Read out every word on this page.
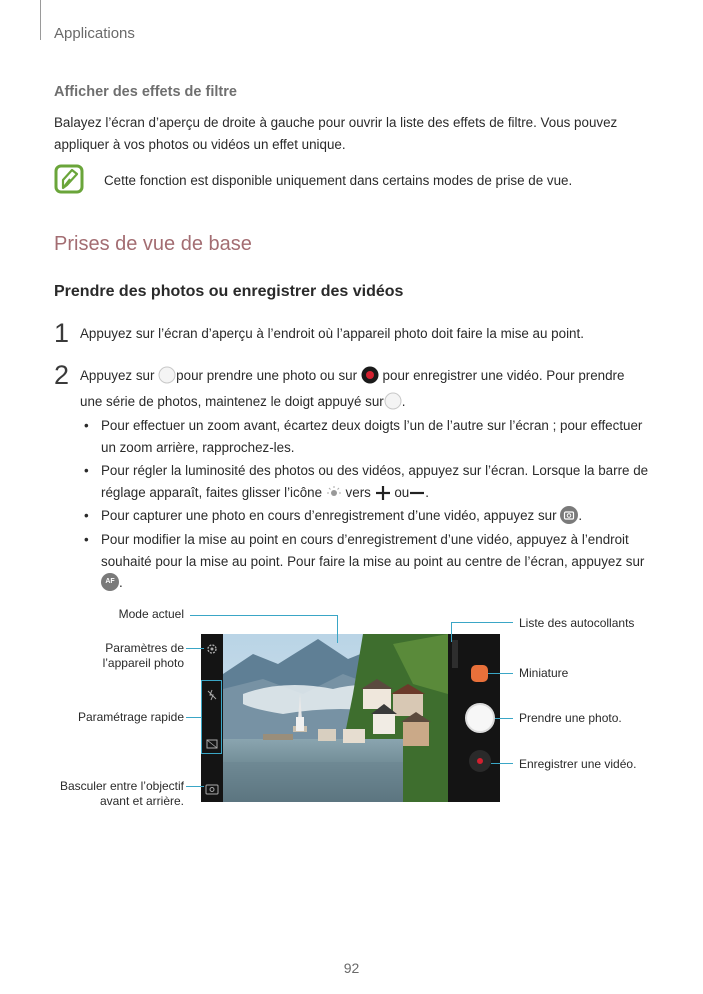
Applications
Afficher des effets de filtre
Balayez l’écran d’aperçu de droite à gauche pour ouvrir la liste des effets de filtre. Vous pouvez
appliquer à vos photos ou vidéos un effet unique.
Cette fonction est disponible uniquement dans certains modes de prise de vue.
Prises de vue de base
Prendre des photos ou enregistrer des vidéos
1 Appuyez sur l’écran d’aperçu à l’endroit où l’appareil photo doit faire la mise au point.
2 Appuyez sur pour prendre une photo ou sur pour enregistrer une vidéo. Pour prendre
une série de photos, maintenez le doigt appuyé sur .
• Pour effectuer un zoom avant, écartez deux doigts l’un de l’autre sur l’écran ; pour effectuer
un zoom arrière, rapprochez-les.
• Pour régler la luminosité des photos ou des vidéos, appuyez sur l’écran. Lorsque la barre de
réglage apparaît, faites glisser l’icône vers ou .
• Pour capturer une photo en cours d’enregistrement d’une vidéo, appuyez sur .
• Pour modifier la mise au point en cours d’enregistrement d’une vidéo, appuyez à l’endroit
souhaité pour la mise au point. Pour faire la mise au point au centre de l’écran, appuyez sur
AF .
Mode actuel
Paramètres de
l’appareil photo
Paramétrage rapide
Basculer entre l’objectif
avant et arrière.
Liste des autocollants
Miniature
Prendre une photo.
Enregistrer une vidéo.
92
